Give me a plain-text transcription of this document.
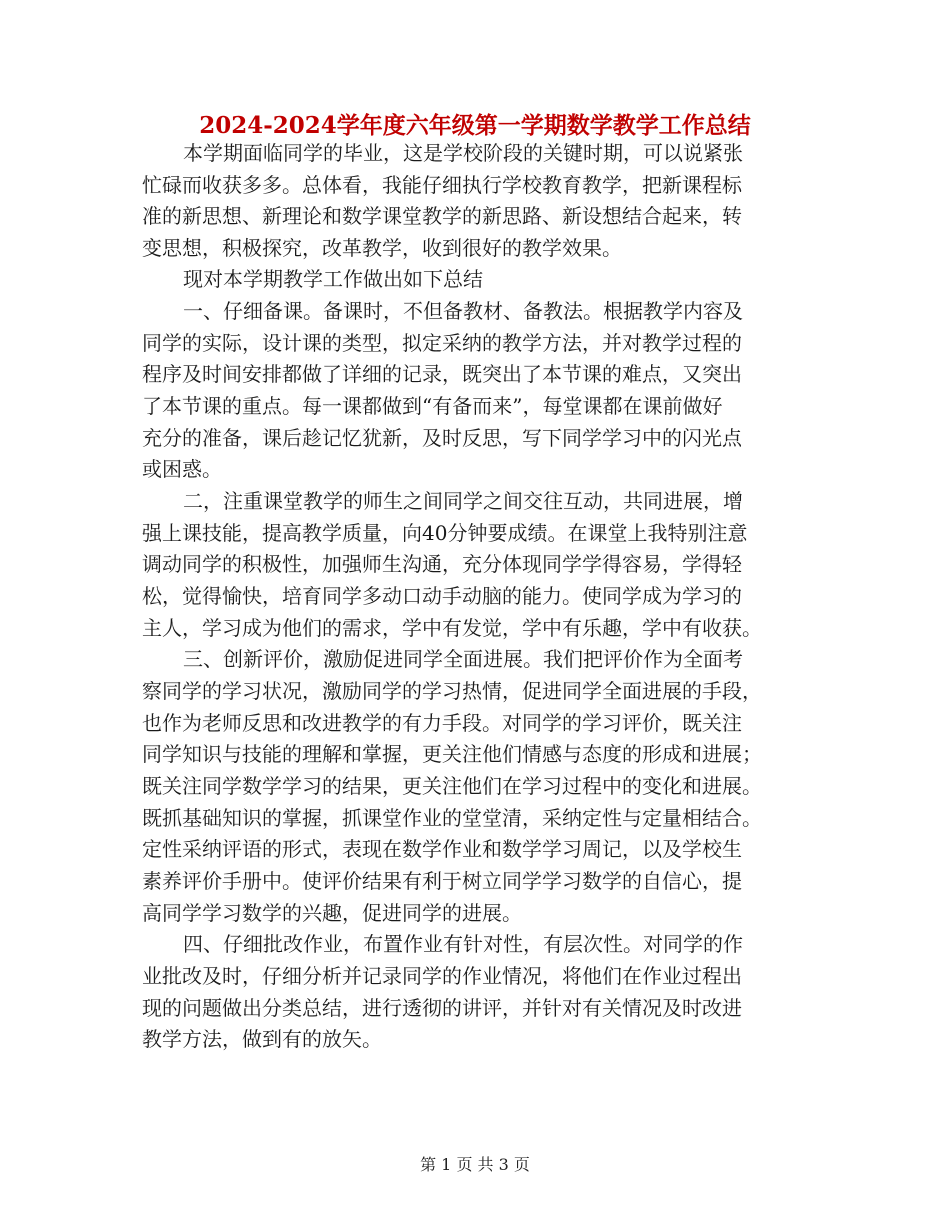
2024-2024学年度六年级第一学期数学教学工作总结
本学期面临同学的毕业，这是学校阶段的关键时期，可以说紧张
忙碌而收获多多。总体看，我能仔细执行学校教育教学，把新课程标
准的新思想、新理论和数学课堂教学的新思路、新设想结合起来，转
变思想，积极探究，改革教学，收到很好的教学效果。
现对本学期教学工作做出如下总结
一、仔细备课。备课时，不但备教材、备教法。根据教学内容及
同学的实际，设计课的类型，拟定采纳的教学方法，并对教学过程的
程序及时间安排都做了详细的记录，既突出了本节课的难点，又突出
了本节课的重点。每一课都做到“有备而来”，每堂课都在课前做好
充分的准备，课后趁记忆犹新，及时反思，写下同学学习中的闪光点
或困惑。
二，注重课堂教学的师生之间同学之间交往互动，共同进展，增
强上课技能，提高教学质量，向40分钟要成绩。在课堂上我特别注意
调动同学的积极性，加强师生沟通，充分体现同学学得容易，学得轻
松，觉得愉快，培育同学多动口动手动脑的能力。使同学成为学习的
主人，学习成为他们的需求，学中有发觉，学中有乐趣，学中有收获。
三、创新评价，激励促进同学全面进展。我们把评价作为全面考
察同学的学习状况，激励同学的学习热情，促进同学全面进展的手段，
也作为老师反思和改进教学的有力手段。对同学的学习评价，既关注
同学知识与技能的理解和掌握，更关注他们情感与态度的形成和进展；
既关注同学数学学习的结果，更关注他们在学习过程中的变化和进展。
既抓基础知识的掌握，抓课堂作业的堂堂清，采纳定性与定量相结合。
定性采纳评语的形式，表现在数学作业和数学学习周记，以及学校生
素养评价手册中。使评价结果有利于树立同学学习数学的自信心，提
高同学学习数学的兴趣，促进同学的进展。
四、仔细批改作业，布置作业有针对性，有层次性。对同学的作
业批改及时，仔细分析并记录同学的作业情况，将他们在作业过程出
现的问题做出分类总结，进行透彻的讲评，并针对有关情况及时改进
教学方法，做到有的放矢。
第 1 页 共 3 页
